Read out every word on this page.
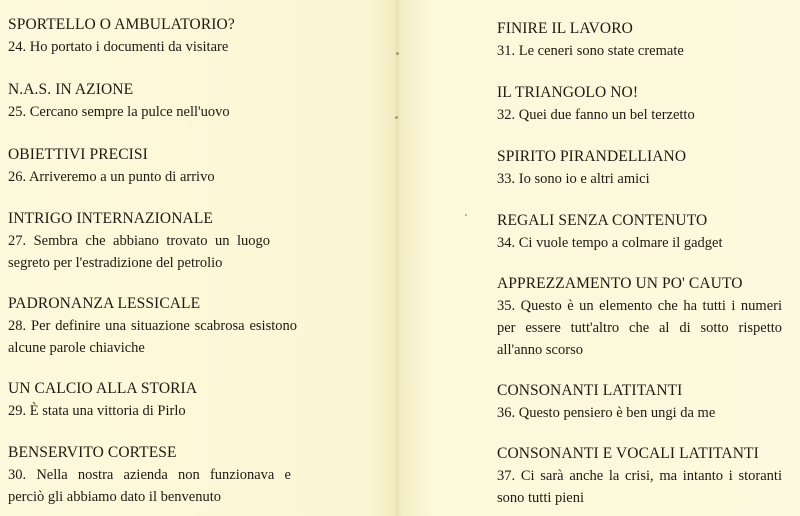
SPORTELLO O AMBULATORIO?
24. Ho portato i documenti da visitare
N.A.S. IN AZIONE
25. Cercano sempre la pulce nell'uovo
OBIETTIVI PRECISI
26. Arriveremo a un punto di arrivo
INTRIGO INTERNAZIONALE
27. Sembra che abbiano trovato un luogo segreto per l'estradizione del petrolio
PADRONANZA LESSICALE
28. Per definire una situazione scabrosa esistono alcune parole chiaviche
UN CALCIO ALLA STORIA
29. È stata una vittoria di Pirlo
BENSERVITO CORTESE
30. Nella nostra azienda non funzionava e perciò gli abbiamo dato il benvenuto
FINIRE IL LAVORO
31. Le ceneri sono state cremate
IL TRIANGOLO NO!
32. Quei due fanno un bel terzetto
SPIRITO PIRANDELLIANO
33. Io sono io e altri amici
REGALI SENZA CONTENUTO
34. Ci vuole tempo a colmare il gadget
APPREZZAMENTO UN PO' CAUTO
35. Questo è un elemento che ha tutti i numeri per essere tutt'altro che al di sotto rispetto all'anno scorso
CONSONANTI LATITANTI
36. Questo pensiero è ben ungi da me
CONSONANTI E VOCALI LATITANTI
37. Ci sarà anche la crisi, ma intanto i storanti sono tutti pieni
